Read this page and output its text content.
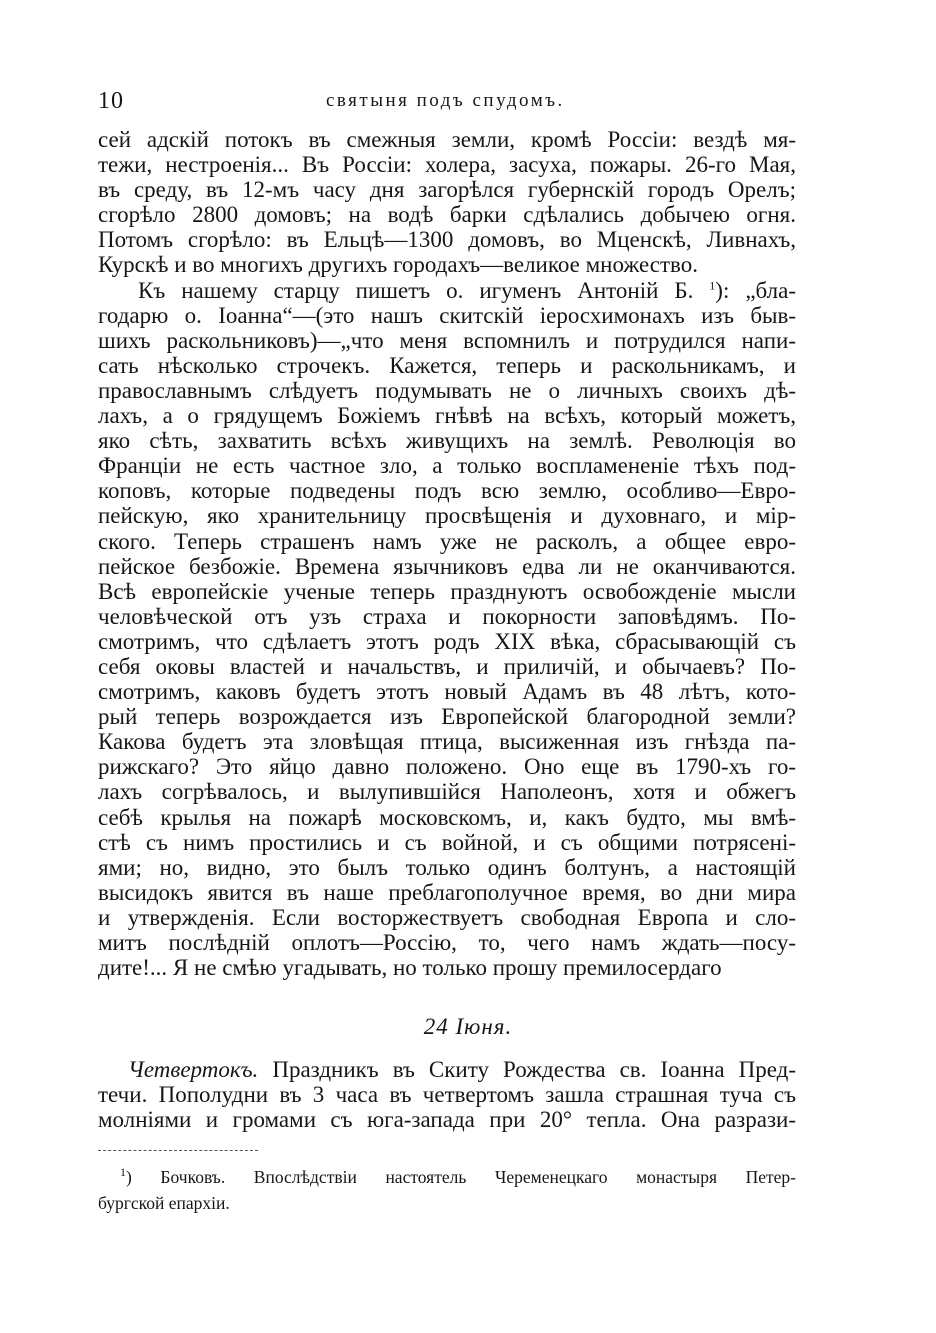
10	святыня подъ спудомъ.
сей адскій потокъ въ смежныя земли, кромѣ Россіи: вездѣ мя-
тежи, нестроенія... Въ Россіи: холера, засуха, пожары. 26-го Мая,
въ среду, въ 12-мъ часу дня загорѣлся губернскій городъ Орелъ;
сгорѣло 2800 домовъ; на водѣ барки сдѣлались добычею огня.
Потомъ сгорѣло: въ Ельцѣ—1300 домовъ, во Мценскѣ, Ливнахъ,
Курскѣ и во многихъ другихъ городахъ—великое множество.
Къ нашему старцу пишетъ о. игуменъ Антоній Б. $^1$): „бла-
годарю о. Іоанна“—(это нашъ скитскій іеросхимонахъ изъ быв-
шихъ раскольниковъ)—„что меня вспомнилъ и потрудился напи-
сать нѣсколько строчекъ. Кажется, теперь и раскольникамъ, и
православнымъ слѣдуетъ подумывать не о личныхъ своихъ дѣ-
лахъ, а о грядущемъ Божіемъ гнѣвѣ на всѣхъ, который можетъ,
яко сѣть, захватить всѣхъ живущихъ на землѣ. Революція во
Франціи не есть частное зло, а только воспламененіе тѣхъ под-
коповъ, которые подведены подъ всю землю, особливо—Евро-
пейскую, яко хранительницу просвѣщенія и духовнаго, и мір-
ского. Теперь страшенъ намъ уже не расколъ, а общее евро-
пейское безбожіе. Времена язычниковъ едва ли не оканчиваются.
Всѣ европейскіе ученые теперь празднуютъ освобожденіе мысли
человѣческой отъ узъ страха и покорности заповѣдямъ. По-
смотримъ, что сдѣлаетъ этотъ родъ XIX вѣка, сбрасывающій съ
себя оковы властей и начальствъ, и приличій, и обычаевъ? По-
смотримъ, каковъ будетъ этотъ новый Адамъ въ 48 лѣтъ, кото-
рый теперь возрождается изъ Европейской благородной земли?
Какова будетъ эта зловѣщая птица, высиженная изъ гнѣзда па-
рижскаго? Это яйцо давно положено. Оно еще въ 1790-хъ го-
лахъ согрѣвалось, и вылупившійся Наполеонъ, хотя и обжегъ
себѣ крылья на пожарѣ московскомъ, и, какъ будто, мы вмѣ-
стѣ съ нимъ простились и съ войной, и съ общими потрясені-
ями; но, видно, это былъ только одинъ болтунъ, а настоящій
высидокъ явится въ наше преблагополучное время, во дни мира
и утвержденія. Если восторжествуетъ свободная Европа и сло-
митъ послѣдній оплотъ—Россію, то, чего намъ ждать—посу-
дите!... Я не смѣю угадывать, но только прошу премилосердаго
24 Іюня.
Четвертокъ. Праздникъ въ Скиту Рождества св. Іоанна Пред-
течи. Пополудни въ 3 часа въ четвертомъ зашла страшная туча съ
молніями и громами съ юга-запада при 20° тепла. Она разрази-
$^1$) Бочковъ. Впослѣдствіи настоятель Череменецкаго монастыря Петер-
бургской епархіи.
